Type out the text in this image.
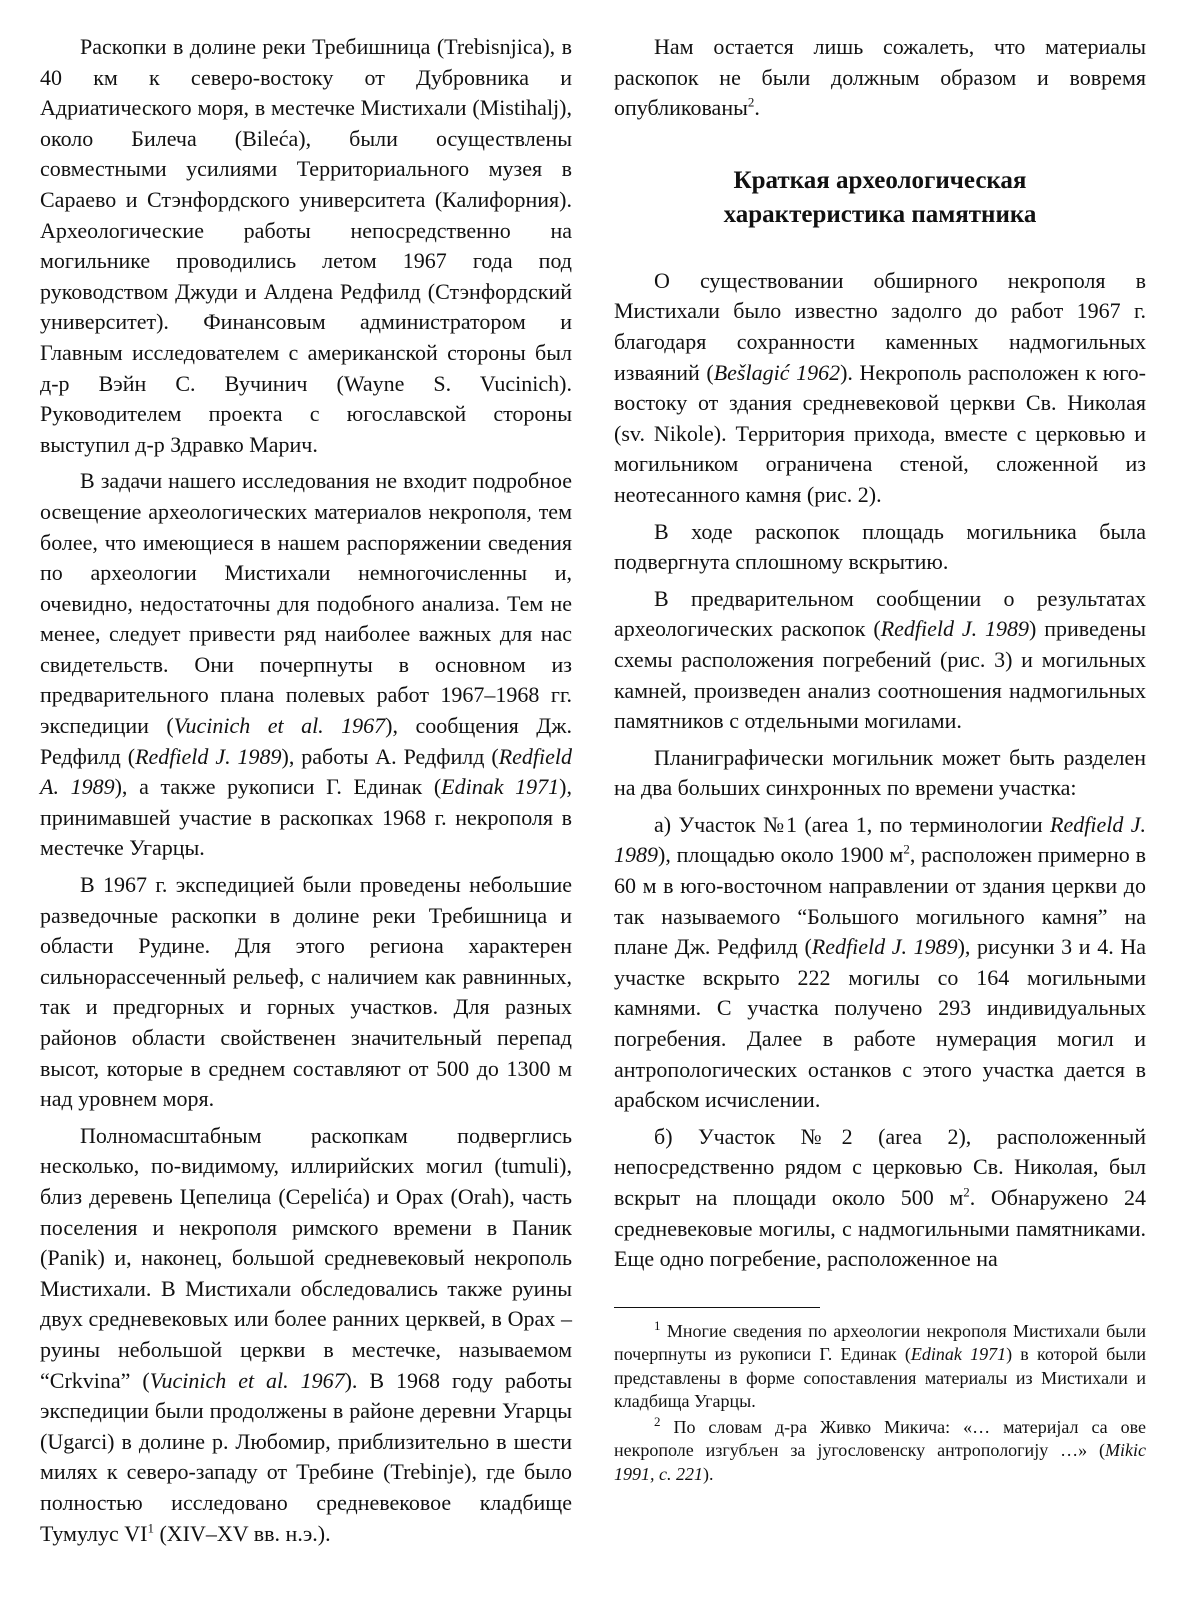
Раскопки в долине реки Требишница (Trebisnjica), в 40 км к северо-востоку от Дубровника и Адриатического моря, в местечке Мистихали (Mistihalj), около Билеча (Bileća), были осуществлены совместными усилиями Территориального музея в Сараево и Стэнфордского университета (Калифорния). Археологические работы непосредственно на могильнике проводились летом 1967 года под руководством Джуди и Алдена Редфилд (Стэнфордский университет). Финансовым администратором и Главным исследователем с американской стороны был д-р Вэйн С. Вучинич (Wayne S. Vucinich). Руководителем проекта с югославской стороны выступил д-р Здравко Марич.

В задачи нашего исследования не входит подробное освещение археологических материалов некрополя, тем более, что имеющиеся в нашем распоряжении сведения по археологии Мистихали немногочисленны и, очевидно, недостаточны для подобного анализа. Тем не менее, следует привести ряд наиболее важных для нас свидетельств. Они почерпнуты в основном из предварительного плана полевых работ 1967–1968 гг. экспедиции (Vucinich et al. 1967), сообщения Дж. Редфилд (Redfield J. 1989), работы А. Редфилд (Redfield A. 1989), а также рукописи Г. Единак (Edinak 1971), принимавшей участие в раскопках 1968 г. некрополя в местечке Угарцы.

В 1967 г. экспедицией были проведены небольшие разведочные раскопки в долине реки Требишница и области Рудине. Для этого региона характерен сильнорассеченный рельеф, с наличием как равнинных, так и предгорных и горных участков. Для разных районов области свойственен значительный перепад высот, которые в среднем составляют от 500 до 1300 м над уровнем моря.

Полномасштабным раскопкам подверглись несколько, по-видимому, иллирийских могил (tumuli), близ деревень Цепелица (Cepelića) и Орах (Orah), часть поселения и некрополя римского времени в Паник (Panik) и, наконец, большой средневековый некрополь Мистихали. В Мистихали обследовались также руины двух средневековых или более ранних церквей, в Орах – руины небольшой церкви в местечке, называемом “Crkvina” (Vucinich et al. 1967). В 1968 году работы экспедиции были продолжены в районе деревни Угарцы (Ugarci) в долине р. Любомир, приблизительно в шести милях к северо-западу от Требине (Trebinje), где было полностью исследовано средневековое кладбище Тумулус $VI^1$ (XIV–XV вв. н.э.).

Нам остается лишь сожалеть, что материалы раскопок не были должным образом и вовремя опубликованы$^2$.

Краткая археологическая
характеристика памятника

О существовании обширного некрополя в Мистихали было известно задолго до работ 1967 г. благодаря сохранности каменных надмогильных изваяний (Bešlagić 1962). Некрополь расположен к юго-востоку от здания средневековой церкви Св. Николая (sv. Nikole). Территория прихода, вместе с церковью и могильником ограничена стеной, сложенной из неотесанного камня (рис. 2).

В ходе раскопок площадь могильника была подвергнута сплошному вскрытию.

В предварительном сообщении о результатах археологических раскопок (Redfield J. 1989) приведены схемы расположения погребений (рис. 3) и могильных камней, произведен анализ соотношения надмогильных памятников с отдельными могилами.

Планиграфически могильник может быть разделен на два больших синхронных по времени участка:

а) Участок №1 (area 1, по терминологии Redfield J. 1989), площадью около 1900 $м^2$, расположен примерно в 60 м в юго-восточном направлении от здания церкви до так называемого “Большого могильного камня” на плане Дж. Редфилд (Redfield J. 1989), рисунки 3 и 4. На участке вскрыто 222 могилы со 164 могильными камнями. С участка получено 293 индивидуальных погребения. Далее в работе нумерация могил и антропологических останков с этого участка дается в арабском исчислении.

б) Участок №2 (area 2), расположенный непосредственно рядом с церковью Св. Николая, был вскрыт на площади около 500 $м^2$. Обнаружено 24 средневековые могилы, с надмогильными памятниками. Еще одно погребение, расположенное на

$^1$ Многие сведения по археологии некрополя Мистихали были почерпнуты из рукописи Г. Единак (Edinak 1971) в которой были представлены в форме сопоставления материалы из Мистихали и кладбища Угарцы.

$^2$ По словам д-ра Живко Микича: «… материјал са ове некрополе изгубљен за југословенску антропологију …» (Mikic 1991, с. 221).
